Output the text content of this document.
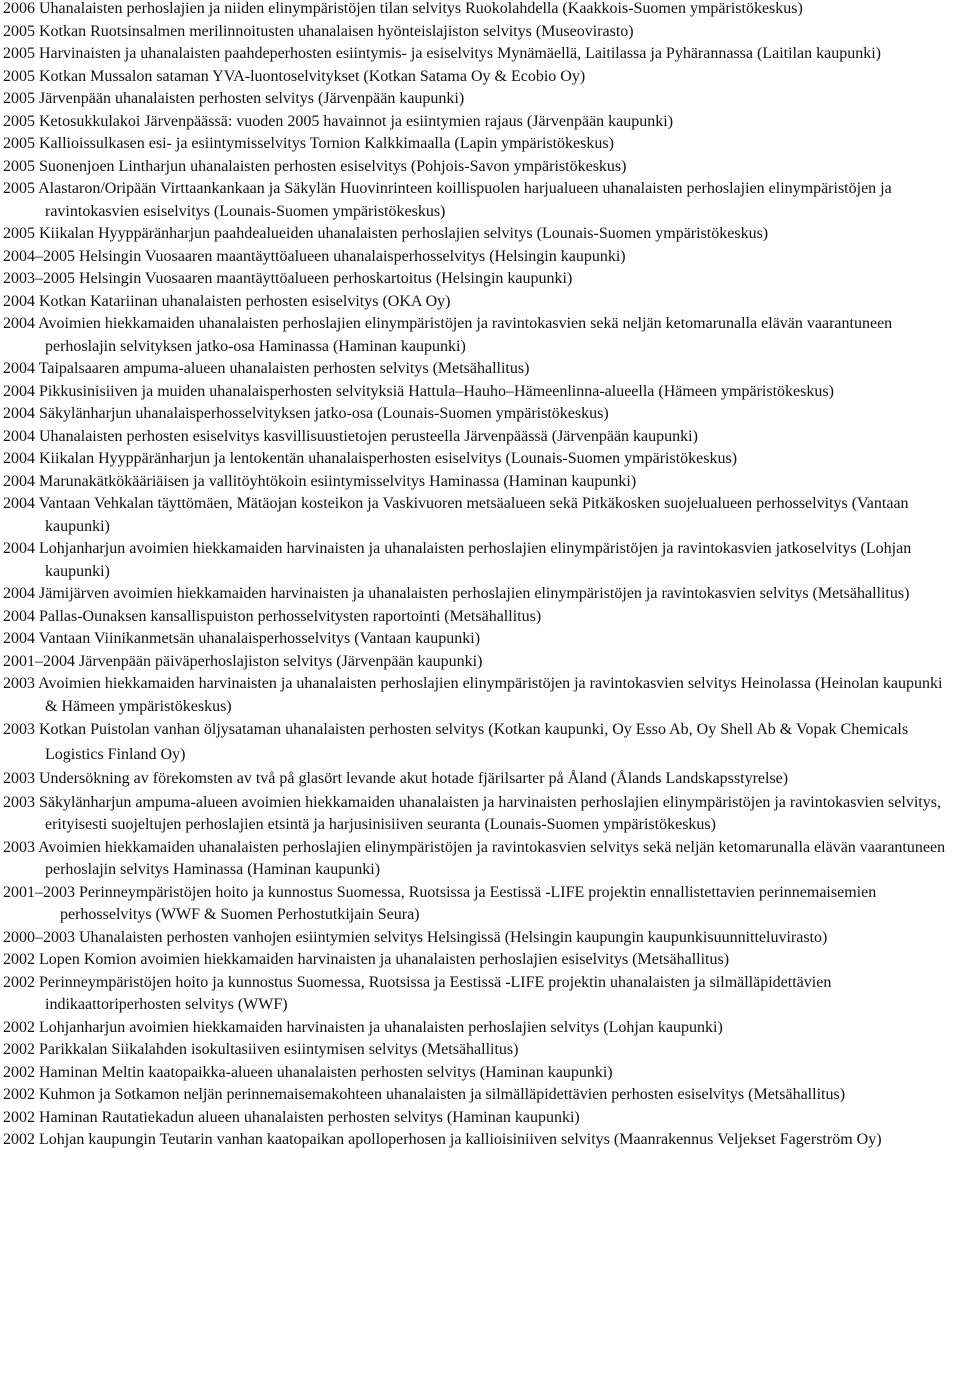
2006 Uhanalaisten perhoslajien ja niiden elinympäristöjen tilan selvitys Ruokolahdella (Kaakkois-Suomen ympäristökeskus)

2005 Kotkan Ruotsinsalmen merilinnoitusten uhanalaisen hyönteislajiston selvitys (Museovirasto)

2005 Harvinaisten ja uhanalaisten paahdeperhosten esiintymis- ja esiselvitys Mynämäellä, Laitilassa ja Pyhärannassa (Laitilan kaupunki)

2005 Kotkan Mussalon sataman YVA-luontoselvitykset (Kotkan Satama Oy & Ecobio Oy)

2005 Järvenpään uhanalaisten perhosten selvitys (Järvenpään kaupunki)

2005 Ketosukkulakoi Järvenpäässä: vuoden 2005 havainnot ja esiintymien rajaus (Järvenpään kaupunki)

2005 Kallioissulkasen esi- ja esiintymisselvitys Tornion Kalkkimaalla (Lapin ympäristökeskus)

2005 Suonenjoen Lintharjun uhanalaisten perhosten esiselvitys (Pohjois-Savon ympäristökeskus)

2005 Alastaron/Oripään Virttaankankaan ja Säkylän Huovinrinteen koillispuolen harjualueen uhanalaisten perhoslajien elinympäristöjen ja ravintokasvien esiselvitys (Lounais-Suomen ympäristökeskus)

2005 Kiikalan Hyyppäränharjun paahdealueiden uhanalaisten perhoslajien selvitys (Lounais-Suomen ympäristökeskus)

2004–2005 Helsingin Vuosaaren maantäyttöalueen uhanalaisperhosselvitys (Helsingin kaupunki)

2003–2005 Helsingin Vuosaaren maantäyttöalueen perhoskartoitus (Helsingin kaupunki)

2004 Kotkan Katariinan uhanalaisten perhosten esiselvitys (OKA Oy)

2004 Avoimien hiekkamaiden uhanalaisten perhoslajien elinympäristöjen ja ravintokasvien sekä neljän ketomarunalla elävän vaarantuneen perhoslajin selvityksen jatko-osa Haminassa (Haminan kaupunki)

2004 Taipalsaaren ampuma-alueen uhanalaisten perhosten selvitys (Metsähallitus)

2004 Pikkusinisiiven ja muiden uhanalaisperhosten selvityksiä Hattula–Hauho–Hämeenlinna-alueella (Hämeen ympäristökeskus)

2004 Säkylänharjun uhanalaisperhosselvityksen jatko-osa (Lounais-Suomen ympäristökeskus)

2004 Uhanalaisten perhosten esiselvitys kasvillisuustietojen perusteella Järvenpäässä (Järvenpään kaupunki)

2004 Kiikalan Hyyppäränharjun ja lentokentän uhanalaisperhosten esiselvitys (Lounais-Suomen ympäristökeskus)

2004 Marunakätkökääriäisen ja vallitöyhtökoin esiintymisselvitys Haminassa (Haminan kaupunki)

2004 Vantaan Vehkalan täyttömäen, Mätäojan kosteikon ja Vaskivuoren metsäalueen sekä Pitkäkosken suojelualueen perhosselvitys (Vantaan kaupunki)

2004 Lohjanharjun avoimien hiekkamaiden harvinaisten ja uhanalaisten perhoslajien elinympäristöjen ja ravintokasvien jatkoselvitys (Lohjan kaupunki)

2004 Jämijärven avoimien hiekkamaiden harvinaisten ja uhanalaisten perhoslajien elinympäristöjen ja ravintokasvien selvitys (Metsähallitus)

2004 Pallas-Ounaksen kansallispuiston perhosselvitysten raportointi (Metsähallitus)

2004 Vantaan Viinikanmetsän uhanalaisperhosselvitys (Vantaan kaupunki)

2001–2004 Järvenpään päiväperhoslajiston selvitys (Järvenpään kaupunki)

2003 Avoimien hiekkamaiden harvinaisten ja uhanalaisten perhoslajien elinympäristöjen ja ravintokasvien selvitys Heinolassa (Heinolan kaupunki & Hämeen ympäristökeskus)

2003 Kotkan Puistolan vanhan öljysataman uhanalaisten perhosten selvitys (Kotkan kaupunki, Oy Esso Ab, Oy Shell Ab & Vopak Chemicals Logistics Finland Oy)

2003 Undersökning av förekomsten av två på glasört levande akut hotade fjärilsarter på Åland (Ålands Landskapsstyrelse)

2003 Säkylänharjun ampuma-alueen avoimien hiekkamaiden uhanalaisten ja harvinaisten perhoslajien elinympäristöjen ja ravintokasvien selvitys, erityisesti suojeltujen perhoslajien etsintä ja harjusinisiiven seuranta (Lounais-Suomen ympäristökeskus)

2003 Avoimien hiekkamaiden uhanalaisten perhoslajien elinympäristöjen ja ravintokasvien selvitys sekä neljän ketomarunalla elävän vaarantuneen perhoslajin selvitys Haminassa (Haminan kaupunki)

2001–2003 Perinneympäristöjen hoito ja kunnostus Suomessa, Ruotsissa ja Eestissä -LIFE projektin ennallistettavien perinnemaisemien perhosselvitys (WWF & Suomen Perhostutkijain Seura)

2000–2003 Uhanalaisten perhosten vanhojen esiintymien selvitys Helsingissä (Helsingin kaupungin kaupunkisuunnitteluvirasto)

2002 Lopen Komion avoimien hiekkamaiden harvinaisten ja uhanalaisten perhoslajien esiselvitys (Metsähallitus)

2002 Perinneympäristöjen hoito ja kunnostus Suomessa, Ruotsissa ja Eestissä -LIFE projektin uhanalaisten ja silmälläpidettävien indikaattoriperhosten selvitys (WWF)

2002 Lohjanharjun avoimien hiekkamaiden harvinaisten ja uhanalaisten perhoslajien selvitys (Lohjan kaupunki)

2002 Parikkalan Siikalahden isokultasiiven esiintymisen selvitys (Metsähallitus)

2002 Haminan Meltin kaatopaikka-alueen uhanalaisten perhosten selvitys (Haminan kaupunki)

2002 Kuhmon ja Sotkamon neljän perinnemaisemakohteen uhanalaisten ja silmälläpidettävien perhosten esiselvitys (Metsähallitus)

2002 Haminan Rautatiekadun alueen uhanalaisten perhosten selvitys (Haminan kaupunki)

2002 Lohjan kaupungin Teutarin vanhan kaatopaikan apolloperhosen ja kallioisiniiven selvitys (Maanrakennus Veljekset Fagerström Oy)
